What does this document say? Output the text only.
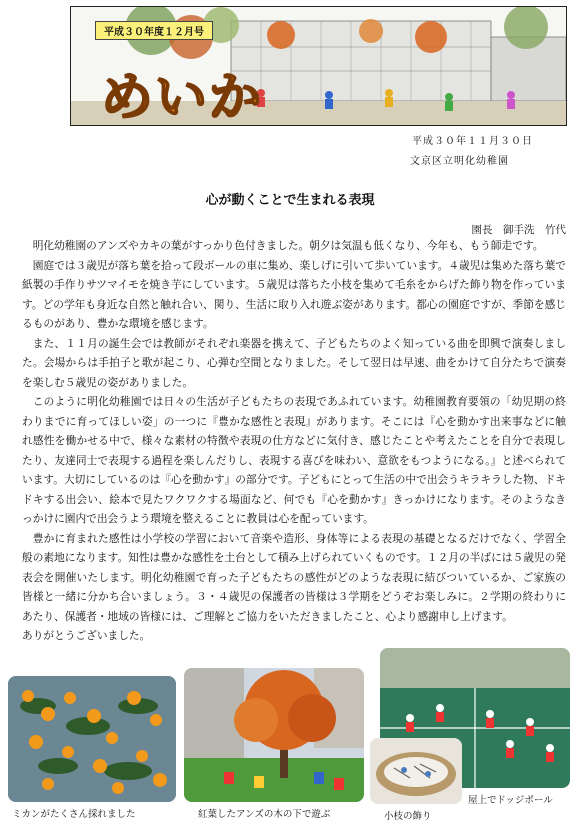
平成３０年度１２月号
めいか
平成３０年１１月３０日
文京区立明化幼稚園
心が動くことで生まれる表現
園長　御手洗　竹代

明化幼稚園のアンズやカキの葉がすっかり色付きました。朝夕は気温も低くなり、今年も、もう師走です。

園庭では３歳児が落ち葉を拾って段ボールの車に集め、楽しげに引いて歩いています。４歳児は集めた落ち葉で紙製の手作りサツマイモを焼き芋にしています。５歳児は落ちた小枝を集めて毛糸をからげた飾り物を作っています。どの学年も身近な自然と触れ合い、関り、生活に取り入れ遊ぶ姿があります。都心の園庭ですが、季節を感じるものがあり、豊かな環境を感じます。

また、１１月の誕生会では教師がそれぞれ楽器を携えて、子どもたちのよく知っている曲を即興で演奏しました。会場からは手拍子と歌が起こり、心弾む空間となりました。そして翌日は早速、曲をかけて自分たちで演奏を楽しむ５歳児の姿がありました。

このように明化幼稚園では日々の生活が子どもたちの表現であふれています。幼稚園教育要領の「幼児期の終わりまでに育ってほしい姿」の一つに『豊かな感性と表現』があります。そこには『心を動かす出来事などに触れ感性を働かせる中で、様々な素材の特徴や表現の仕方などに気付き、感じたことや考えたことを自分で表現したり、友達同士で表現する過程を楽しんだりし、表現する喜びを味わい、意欲をもつようになる。』と述べられています。大切にしているのは『心を動かす』の部分です。子どもにとって生活の中で出会うキラキラした物、ドキドキする出会い、絵本で見たワクワクする場面など、何でも『心を動かす』きっかけになります。そのようなきっかけに園内で出会うよう環境を整えることに教員は心を配っています。

豊かに育まれた感性は小学校の学習において音楽や造形、身体等による表現の基礎となるだけでなく、学習全般の素地になります。知性は豊かな感性を土台として積み上げられていくものです。１２月の半ばには５歳児の発表会を開催いたします。明化幼稚園で育った子どもたちの感性がどのような表現に結びついているか、ご家族の皆様と一緒に分かち合いましょう。３・４歳児の保護者の皆様は３学期をどうぞお楽しみに。２学期の終わりにあたり、保護者・地域の皆様には、ご理解とご協力をいただきましたこと、心より感謝申し上げます。

ありがとうございました。

ミカンがたくさん採れました	紅葉したアンズの木の下で遊ぶ	小枝の飾り
屋上でドッジボール
